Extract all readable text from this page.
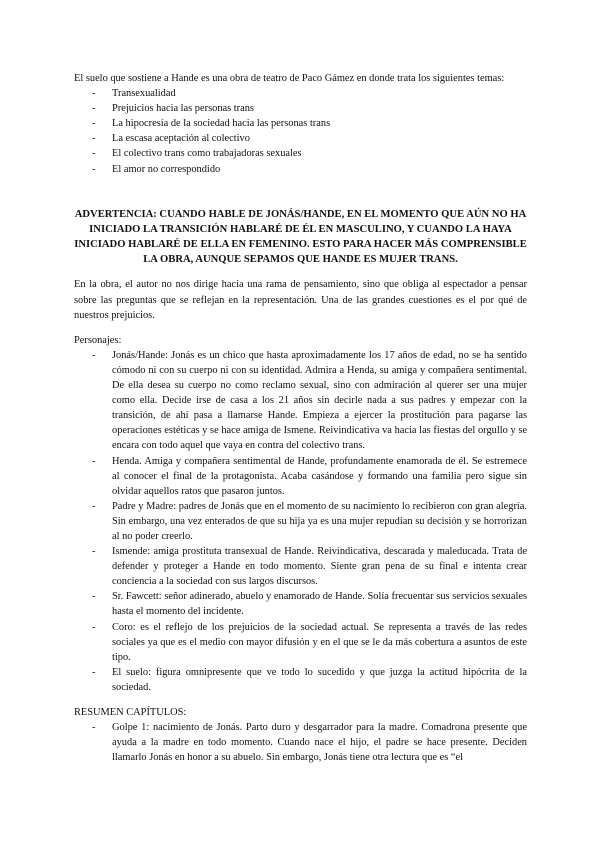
El suelo que sostiene a Hande es una obra de teatro de Paco Gámez en donde trata los siguientes temas:

- Transexualidad
- Prejuicios hacia las personas trans
- La hipocresía de la sociedad hacia las personas trans
- La escasa aceptación al colectivo
- El colectivo trans como trabajadoras sexuales
- El amor no correspondido

ADVERTENCIA: CUANDO HABLE DE JONÁS/HANDE, EN EL MOMENTO QUE AÚN NO HA INICIADO LA TRANSICIÓN HABLARÉ DE ÉL EN MASCULINO, Y CUANDO LA HAYA INICIADO HABLARÉ DE ELLA EN FEMENINO. ESTO PARA HACER MÁS COMPRENSIBLE LA OBRA, AUNQUE SEPAMOS QUE HANDE ES MUJER TRANS.

En la obra, el autor no nos dirige hacia una rama de pensamiento, sino que obliga al espectador a pensar sobre las preguntas que se reflejan en la representación. Una de las grandes cuestiones es el por qué de nuestros prejuicios.

Personajes:

- Jonás/Hande: Jonás es un chico que hasta aproximadamente los 17 años de edad, no se ha sentido cómodo ni con su cuerpo ni con su identidad. Admira a Henda, su amiga y compañera sentimental. De ella desea su cuerpo no como reclamo sexual, sino con admiración al querer ser una mujer como ella. Decide irse de casa a los 21 años sin decirle nada a sus padres y empezar con la transición, de ahí pasa a llamarse Hande. Empieza a ejercer la prostitución para pagarse las operaciones estéticas y se hace amiga de Ismene. Reivindicativa va hacia las fiestas del orgullo y se encara con todo aquel que vaya en contra del colectivo trans.
- Henda. Amiga y compañera sentimental de Hande, profundamente enamorada de él. Se estremece al conocer el final de la protagonista. Acaba casándose y formando una familia pero sigue sin olvidar aquellos ratos que pasaron juntos.
- Padre y Madre: padres de Jonás que en el momento de su nacimiento lo recibieron con gran alegría. Sin embargo, una vez enterados de que su hija ya es una mujer repudian su decisión y se horrorizan al no poder creerlo.
- Ismende: amiga prostituta transexual de Hande. Reivindicativa, descarada y maleducada. Trata de defender y proteger a Hande en todo momento. Siente gran pena de su final e intenta crear conciencia a la sociedad con sus largos discursos.
- Sr. Fawcett: señor adinerado, abuelo y enamorado de Hande. Solía frecuentar sus servicios sexuales hasta el momento del incidente.
- Coro: es el reflejo de los prejuicios de la sociedad actual. Se representa a través de las redes sociales ya que es el medio con mayor difusión y en el que se le da más cobertura a asuntos de este tipo.
- El suelo: figura omnipresente que ve todo lo sucedido y que juzga la actitud hipócrita de la sociedad.

RESUMEN CAPÍTULOS:

- Golpe 1: nacimiento de Jonás. Parto duro y desgarrador para la madre. Comadrona presente que ayuda a la madre en todo momento. Cuando nace el hijo, el padre se hace presente. Deciden llamarlo Jonás en honor a su abuelo. Sin embargo, Jonás tiene otra lectura que es “el
